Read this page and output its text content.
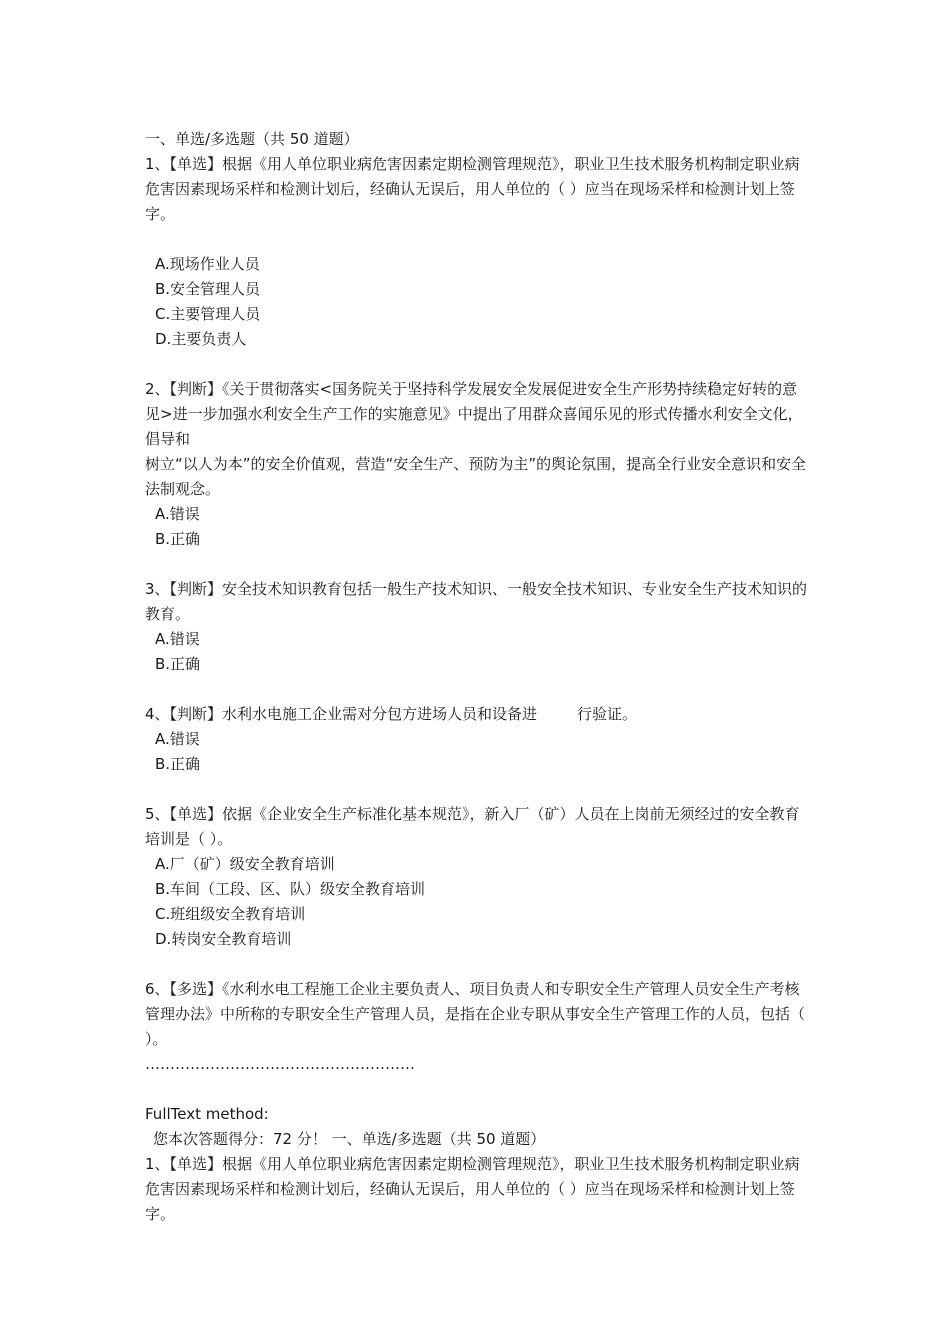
一、单选/多选题（共 50 道题）
1、【单选】根据《用人单位职业病危害因素定期检测管理规范》，职业卫生技术服务机构制定职业病危害因素现场采样和检测计划后，经确认无误后，用人单位的（ ）应当在现场采样和检测计划上签字。
A.现场作业人员
B.安全管理人员
C.主要管理人员
D.主要负责人
2、【判断】《关于贯彻落实<国务院关于坚持科学发展安全发展促进安全生产形势持续稳定好转的意见>进一步加强水利安全生产工作的实施意见》中提出了用群众喜闻乐见的形式传播水利安全文化，倡导和
树立“以人为本”的安全价值观，营造“安全生产、预防为主”的舆论氛围，提高全行业安全意识和安全法制观念。
A.错误
B.正确
3、【判断】安全技术知识教育包括一般生产技术知识、一般安全技术知识、专业安全生产技术知识的教育。
A.错误
B.正确
4、【判断】水利水电施工企业需对分包方进场人员和设备进	行验证。
A.错误
B.正确
5、【单选】依据《企业安全生产标准化基本规范》，新入厂（矿）人员在上岗前无须经过的安全教育培训是（ ）。
A.厂（矿）级安全教育培训
B.车间（工段、区、队）级安全教育培训
C.班组级安全教育培训
D.转岗安全教育培训
6、【多选】《水利水电工程施工企业主要负责人、项目负责人和专职安全生产管理人员安全生产考核管理办法》中所称的专职安全生产管理人员，是指在企业专职从事安全生产管理工作的人员，包括（ ）。
………………………………………………
FullText method:
您本次答题得分：72 分！ 一、单选/多选题（共 50 道题）
1、【单选】根据《用人单位职业病危害因素定期检测管理规范》，职业卫生技术服务机构制定职业病危害因素现场采样和检测计划后，经确认无误后，用人单位的（ ）应当在现场采样和检测计划上签字。
